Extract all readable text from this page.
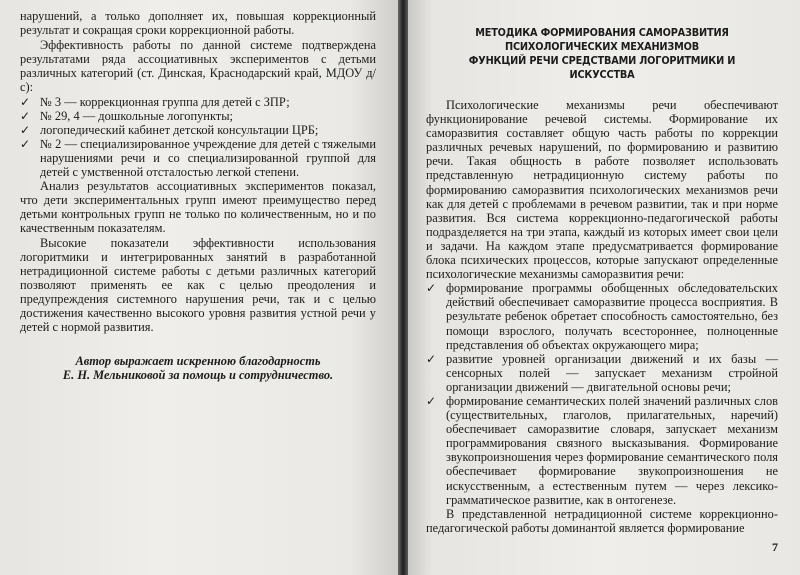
нарушений, а только дополняет их, повышая коррекционный результат и сокращая сроки коррекционной работы.

Эффективность работы по данной системе подтверждена результатами ряда ассоциативных экспериментов с детьми различных категорий (ст. Динская, Краснодарский край, МДОУ д/с):

✓ № 3 — коррекционная группа для детей с ЗПР;
✓ № 29, 4 — дошкольные логопункты;
✓ логопедический кабинет детской консультации ЦРБ;
✓ № 2 — специализированное учреждение для детей с тяжелыми нарушениями речи и со специализированной группой для детей с умственной отсталостью легкой степени.

Анализ результатов ассоциативных экспериментов показал, что дети экспериментальных групп имеют преимущество перед детьми контрольных групп не только по количественным, но и по качественным показателям.

Высокие показатели эффективности использования логоритмики и интегрированных занятий в разработанной нетрадиционной системе работы с детьми различных категорий позволяют применять ее как с целью преодоления и предупреждения системного нарушения речи, так и с целью достижения качественно высокого уровня развития устной речи у детей с нормой развития.

Автор выражает искренною благодарность

Е. Н. Мельниковой за помощь и сотрудничество.

МЕТОДИКА ФОРМИРОВАНИЯ САМОРАЗВИТИЯ ПСИХОЛОГИЧЕСКИХ МЕХАНИЗМОВ
ФУНКЦИЙ РЕЧИ СРЕДСТВАМИ ЛОГОРИТМИКИ И ИСКУССТВА

Психологические механизмы речи обеспечивают функционирование речевой системы. Формирование их саморазвития составляет общую часть работы по коррекции различных речевых нарушений, по формированию и развитию речи. Такая общность в работе позволяет использовать представленную нетрадиционную систему работы по формированию саморазвития психологических механизмов речи как для детей с проблемами в речевом развитии, так и при норме развития. Вся система коррекционно-педагогической работы подразделяется на три этапа, каждый из которых имеет свои цели и задачи. На каждом этапе предусматривается формирование блока психических процессов, которые запускают определенные психологические механизмы саморазвития речи:

✓ формирование программы обобщенных обследовательских действий обеспечивает саморазвитие процесса восприятия. В результате ребенок обретает способность самостоятельно, без помощи взрослого, получать всестороннее, полноценные представления об объектах окружающего мира;
✓ развитие уровней организации движений и их базы — сенсорных полей — запускает механизм стройной организации движений — двигательной основы речи;
✓ формирование семантических полей значений различных слов (существительных, глаголов, прилагательных, наречий) обеспечивает саморазвитие словаря, запускает механизм программирования связного высказывания. Формирование звукопроизношения через формирование семантического поля обеспечивает формирование звукопроизношения не искусственным, а естественным путем — через лексико-грамматическое развитие, как в онтогенезе.

В представленной нетрадиционной системе коррекционно-педагогической работы доминантой является формирование

7
